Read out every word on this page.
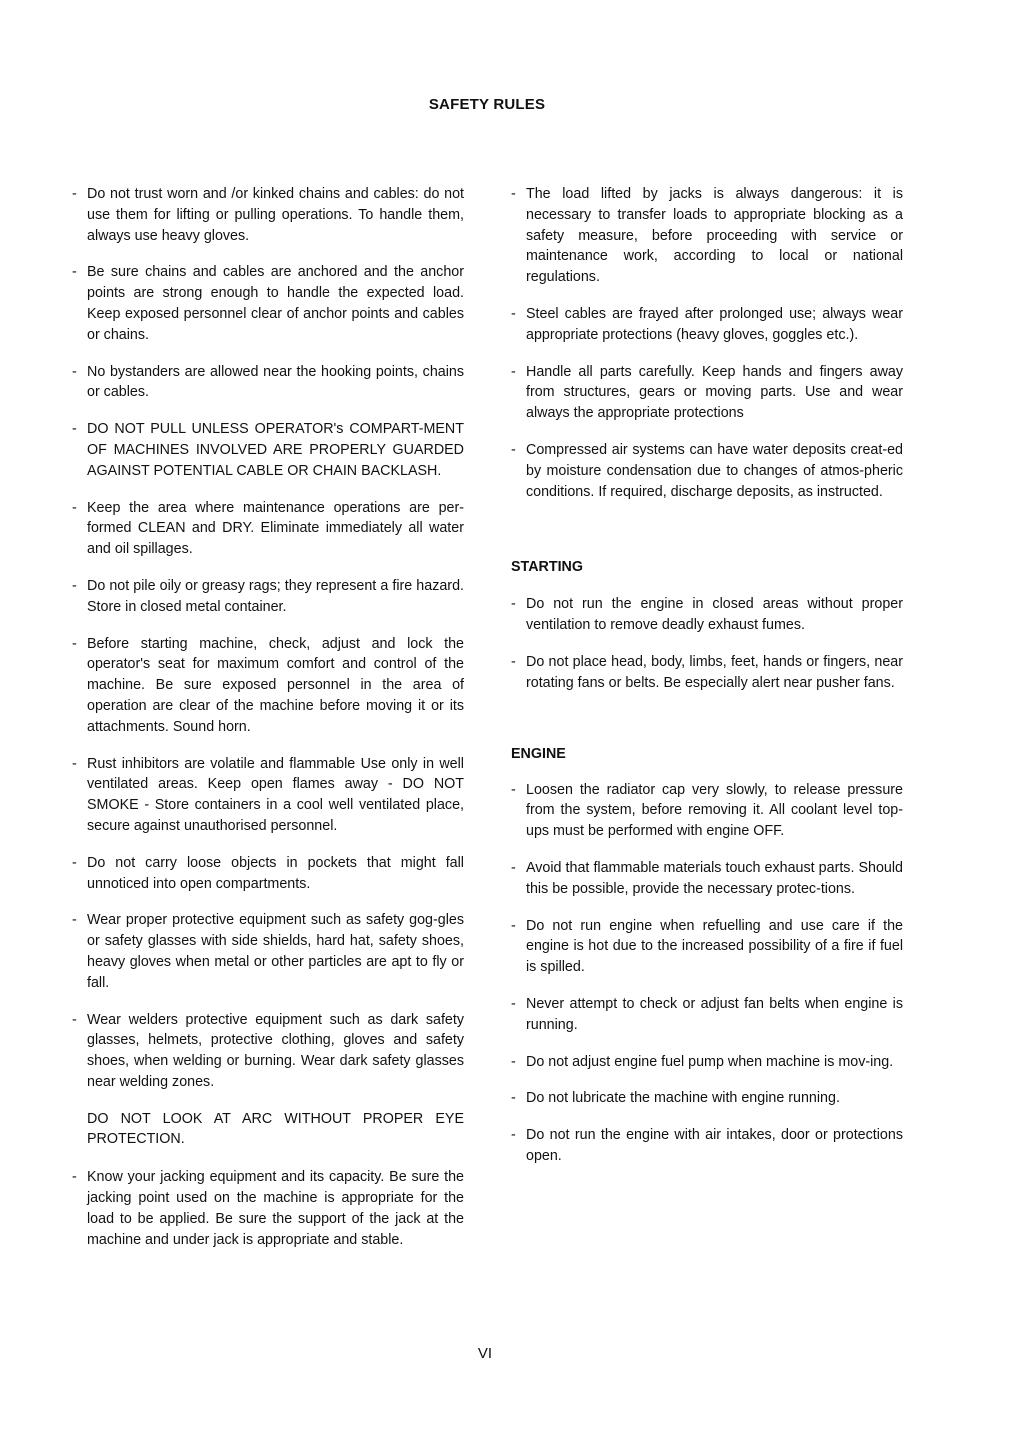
SAFETY RULES
- Do not trust worn and /or kinked chains and cables: do not use them for lifting or pulling operations. To handle them, always use heavy gloves.
- Be sure chains and cables are anchored and the anchor points are strong enough to handle the expected load. Keep exposed personnel clear of anchor points and cables or chains.
- No bystanders are allowed near the hooking points, chains or cables.
- DO NOT PULL UNLESS OPERATOR's COMPART-MENT OF MACHINES INVOLVED ARE PROPERLY GUARDED AGAINST POTENTIAL CABLE OR CHAIN BACKLASH.
- Keep the area where maintenance operations are per-formed CLEAN and DRY. Eliminate immediately all water and oil spillages.
- Do not pile oily or greasy rags; they represent a fire hazard. Store in closed metal container.
- Before starting machine, check, adjust and lock the operator's seat for maximum comfort and control of the machine. Be sure exposed personnel in the area of operation are clear of the machine before moving it or its attachments. Sound horn.
- Rust inhibitors are volatile and flammable Use only in well ventilated areas. Keep open flames away - DO NOT SMOKE - Store containers in a cool well ventilated place, secure against unauthorised personnel.
- Do not carry loose objects in pockets that might fall unnoticed into open compartments.
- Wear proper protective equipment such as safety gog-gles or safety glasses with side shields, hard hat, safety shoes, heavy gloves when metal or other particles are apt to fly or fall.
- Wear welders protective equipment such as dark safety glasses, helmets, protective clothing, gloves and safety shoes, when welding or burning. Wear dark safety glasses near welding zones.
DO NOT LOOK AT ARC WITHOUT PROPER EYE PROTECTION.
- Know your jacking equipment and its capacity. Be sure the jacking point used on the machine is appropriate for the load to be applied. Be sure the support of the jack at the machine and under jack is appropriate and stable.
- The load lifted by jacks is always dangerous: it is necessary to transfer loads to appropriate blocking as a safety measure, before proceeding with service or maintenance work, according to local or national regulations.
- Steel cables are frayed after prolonged use; always wear appropriate protections (heavy gloves, goggles etc.).
- Handle all parts carefully. Keep hands and fingers away from structures, gears or moving parts. Use and wear always the appropriate protections
- Compressed air systems can have water deposits creat-ed by moisture condensation due to changes of atmos-pheric conditions. If required, discharge deposits, as instructed.
STARTING
- Do not run the engine in closed areas without proper ventilation to remove deadly exhaust fumes.
- Do not place head, body, limbs, feet, hands or fingers, near rotating fans or belts. Be especially alert near pusher fans.
ENGINE
- Loosen the radiator cap very slowly, to release pressure from the system, before removing it. All coolant level top-ups must be performed with engine OFF.
- Avoid that flammable materials touch exhaust parts. Should this be possible, provide the necessary protec-tions.
- Do not run engine when refuelling and use care if the engine is hot due to the increased possibility of a fire if fuel is spilled.
- Never attempt to check or adjust fan belts when engine is running.
- Do not adjust engine fuel pump when machine is mov-ing.
- Do not lubricate the machine with engine running.
- Do not run the engine with air intakes, door or protections open.
VI
